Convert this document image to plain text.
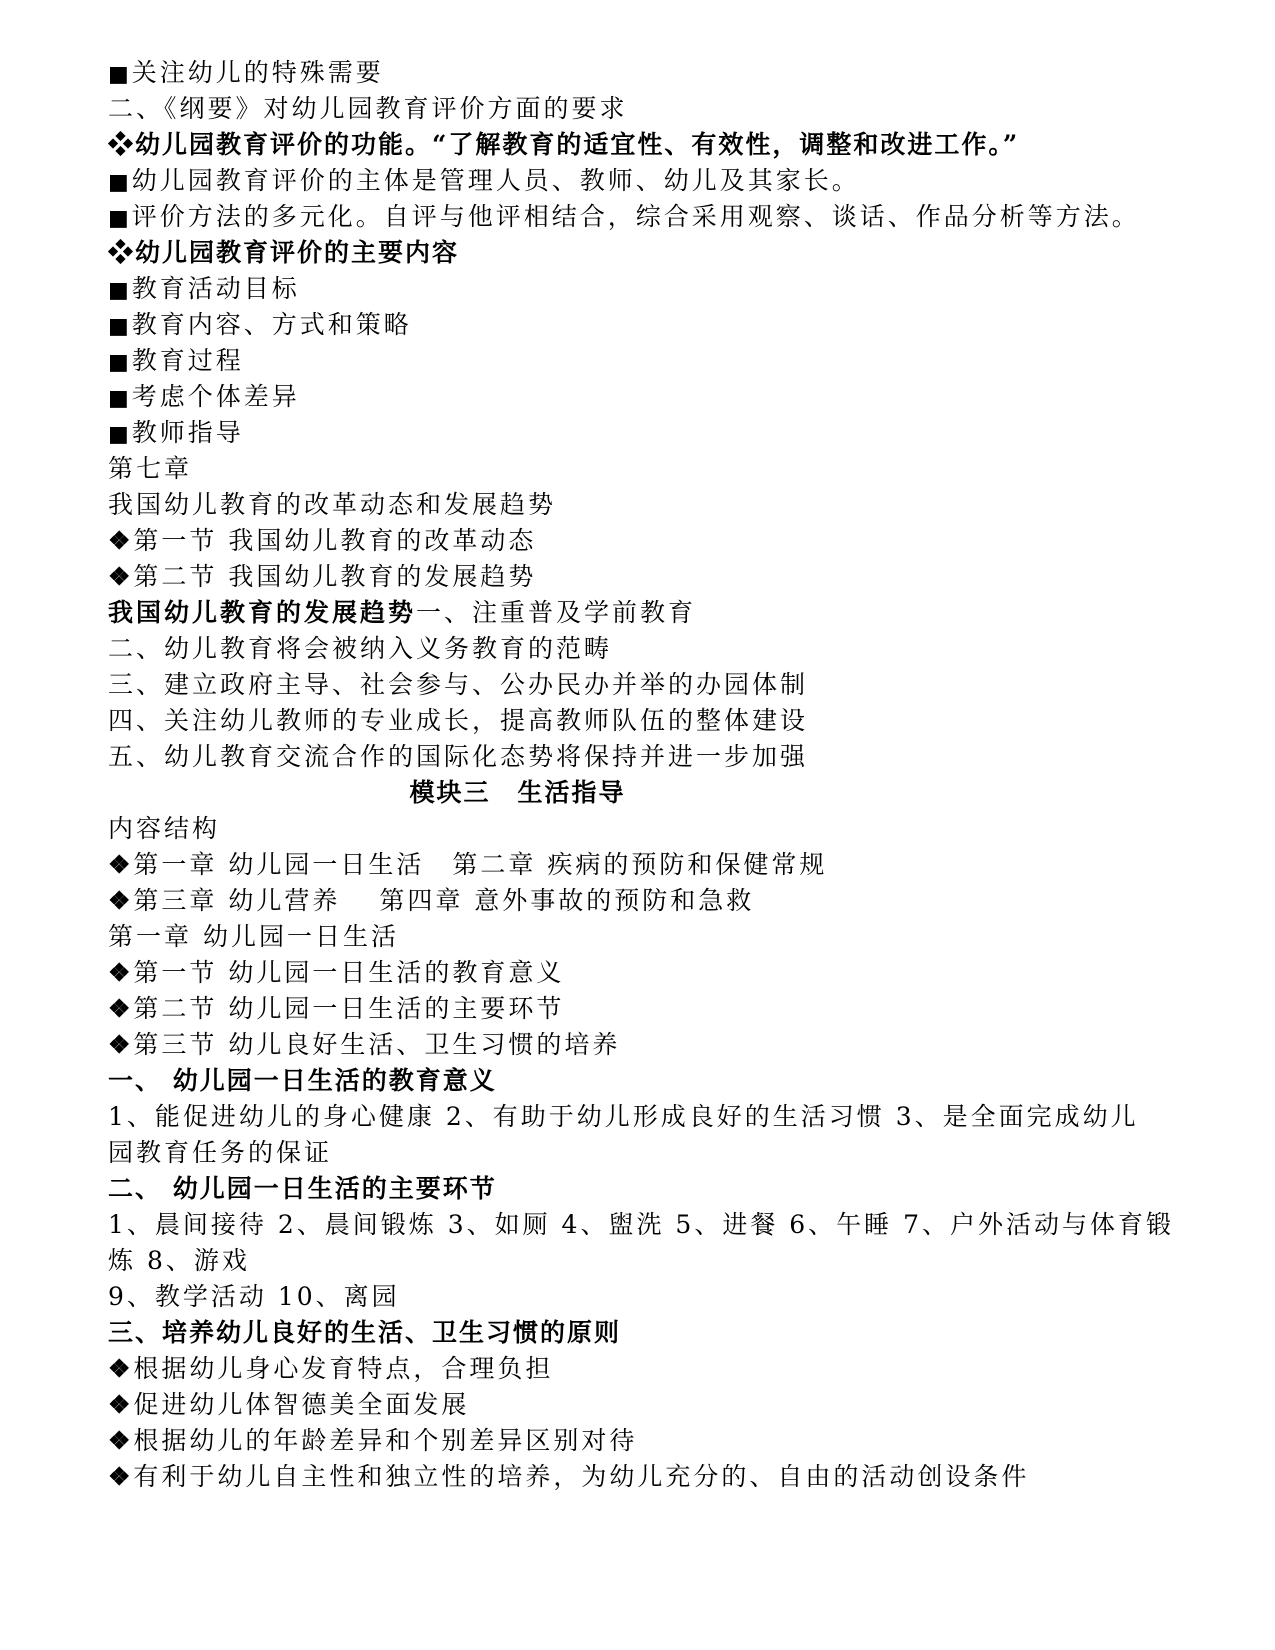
■关注幼儿的特殊需要
二、《纲要》对幼儿园教育评价方面的要求
❖幼儿园教育评价的功能。“了解教育的适宜性、有效性，调整和改进工作。”
■幼儿园教育评价的主体是管理人员、教师、幼儿及其家长。
■评价方法的多元化。自评与他评相结合，综合采用观察、谈话、作品分析等方法。
❖幼儿园教育评价的主要内容
■教育活动目标
■教育内容、方式和策略
■教育过程
■考虑个体差异
■教师指导
第七章
我国幼儿教育的改革动态和发展趋势
❖第一节 我国幼儿教育的改革动态
❖第二节 我国幼儿教育的发展趋势
我国幼儿教育的发展趋势一、注重普及学前教育
二、幼儿教育将会被纳入义务教育的范畴
三、建立政府主导、社会参与、公办民办并举的办园体制
四、关注幼儿教师的专业成长，提高教师队伍的整体建设
五、幼儿教育交流合作的国际化态势将保持并进一步加强
模块三　生活指导
内容结构
❖第一章 幼儿园一日生活　第二章 疾病的预防和保健常规
❖第三章 幼儿营养　 第四章 意外事故的预防和急救
第一章 幼儿园一日生活
❖第一节 幼儿园一日生活的教育意义
❖第二节 幼儿园一日生活的主要环节
❖第三节 幼儿良好生活、卫生习惯的培养
一、 幼儿园一日生活的教育意义
1、能促进幼儿的身心健康 2、有助于幼儿形成良好的生活习惯 3、是全面完成幼儿
园教育任务的保证
二、 幼儿园一日生活的主要环节
1、晨间接待 2、晨间锻炼 3、如厕 4、盥洗 5、进餐 6、午睡 7、户外活动与体育锻
炼 8、游戏
9、教学活动 10、离园
三、培养幼儿良好的生活、卫生习惯的原则
❖根据幼儿身心发育特点，合理负担
❖促进幼儿体智德美全面发展
❖根据幼儿的年龄差异和个别差异区别对待
❖有利于幼儿自主性和独立性的培养，为幼儿充分的、自由的活动创设条件
